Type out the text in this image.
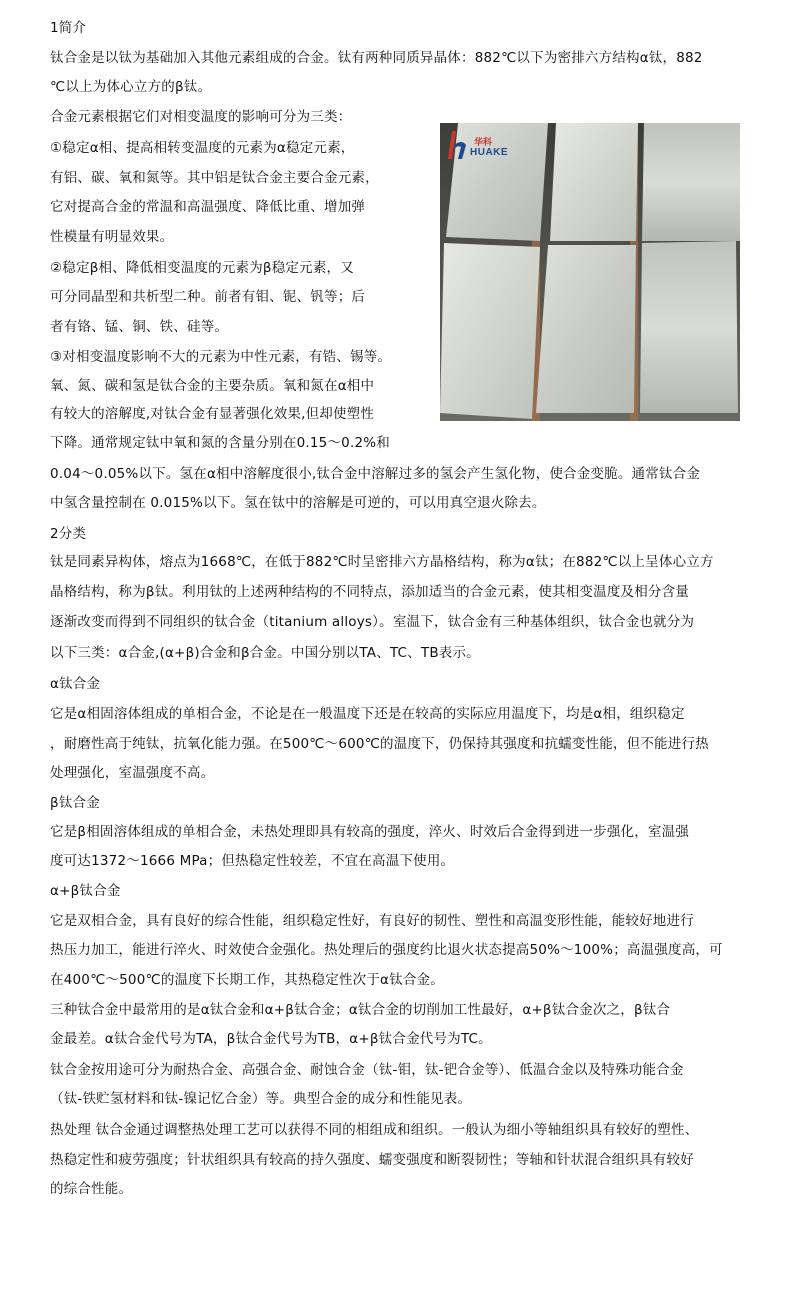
1简介
钛合金是以钛为基础加入其他元素组成的合金。钛有两种同质异晶体：882℃以下为密排六方结构α钛，882
℃以上为体心立方的β钛。
合金元素根据它们对相变温度的影响可分为三类：
①稳定α相、提高相转变温度的元素为α稳定元素，
有铝、碳、氧和氮等。其中铝是钛合金主要合金元素，
它对提高合金的常温和高温强度、降低比重、增加弹
性模量有明显效果。
②稳定β相、降低相变温度的元素为β稳定元素，又
可分同晶型和共析型二种。前者有钼、铌、钒等；后
者有铬、锰、铜、铁、硅等。
③对相变温度影响不大的元素为中性元素，有锆、锡等。
氧、氮、碳和氢是钛合金的主要杂质。氧和氮在α相中
有较大的溶解度,对钛合金有显著强化效果,但却使塑性
下降。通常规定钛中氧和氮的含量分别在0.15～0.2%和
0.04～0.05%以下。氢在α相中溶解度很小,钛合金中溶解过多的氢会产生氢化物，使合金变脆。通常钛合金
中氢含量控制在 0.015%以下。氢在钛中的溶解是可逆的，可以用真空退火除去。
2分类
钛是同素异构体，熔点为1668℃，在低于882℃时呈密排六方晶格结构，称为α钛；在882℃以上呈体心立方
晶格结构，称为β钛。利用钛的上述两种结构的不同特点，添加适当的合金元素，使其相变温度及相分含量
逐渐改变而得到不同组织的钛合金（titanium alloys）。室温下，钛合金有三种基体组织，钛合金也就分为
以下三类：α合金,(α+β)合金和β合金。中国分别以TA、TC、TB表示。
α钛合金
它是α相固溶体组成的单相合金，不论是在一般温度下还是在较高的实际应用温度下，均是α相，组织稳定
，耐磨性高于纯钛，抗氧化能力强。在500℃～600℃的温度下，仍保持其强度和抗蠕变性能，但不能进行热
处理强化，室温强度不高。
β钛合金
它是β相固溶体组成的单相合金，未热处理即具有较高的强度，淬火、时效后合金得到进一步强化，室温强
度可达1372～1666 MPa；但热稳定性较差，不宜在高温下使用。
α+β钛合金
它是双相合金，具有良好的综合性能，组织稳定性好，有良好的韧性、塑性和高温变形性能，能较好地进行
热压力加工，能进行淬火、时效使合金强化。热处理后的强度约比退火状态提高50%～100%；高温强度高，可
在400℃～500℃的温度下长期工作，其热稳定性次于α钛合金。
三种钛合金中最常用的是α钛合金和α+β钛合金；α钛合金的切削加工性最好，α+β钛合金次之，β钛合
金最差。α钛合金代号为TA，β钛合金代号为TB，α+β钛合金代号为TC。
钛合金按用途可分为耐热合金、高强合金、耐蚀合金（钛-钼，钛-钯合金等）、低温合金以及特殊功能合金
（钛-铁贮氢材料和钛-镍记忆合金）等。典型合金的成分和性能见表。
热处理 钛合金通过调整热处理工艺可以获得不同的相组成和组织。一般认为细小等轴组织具有较好的塑性、
热稳定性和疲劳强度；针状组织具有较高的持久强度、蠕变强度和断裂韧性；等轴和针状混合组织具有较好
的综合性能。
华科
HUAKE
